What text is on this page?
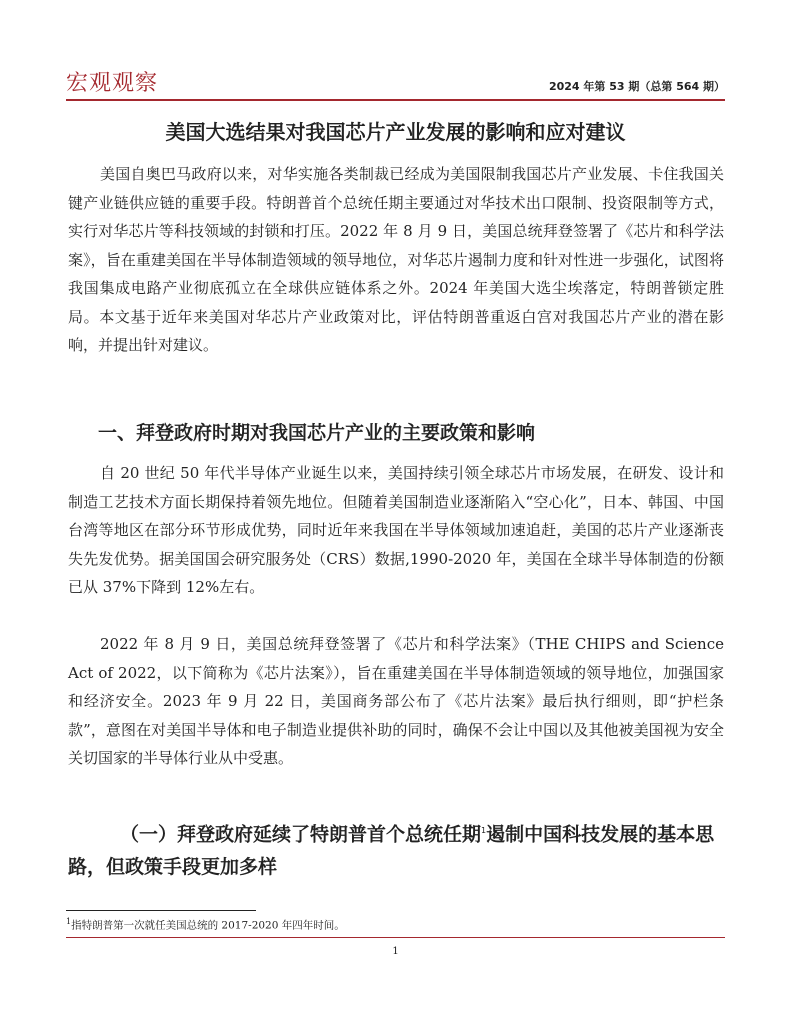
宏观观察	2024 年第 53 期（总第 564 期）
美国大选结果对我国芯片产业发展的影响和应对建议
美国自奥巴马政府以来，对华实施各类制裁已经成为美国限制我国芯片产业发展、卡住我国关键产业链供应链的重要手段。特朗普首个总统任期主要通过对华技术出口限制、投资限制等方式，实行对华芯片等科技领域的封锁和打压。2022 年 8 月 9 日，美国总统拜登签署了《芯片和科学法案》，旨在重建美国在半导体制造领域的领导地位，对华芯片遏制力度和针对性进一步强化，试图将我国集成电路产业彻底孤立在全球供应链体系之外。2024 年美国大选尘埃落定，特朗普锁定胜局。本文基于近年来美国对华芯片产业政策对比，评估特朗普重返白宫对我国芯片产业的潜在影响，并提出针对建议。
一、拜登政府时期对我国芯片产业的主要政策和影响
自 20 世纪 50 年代半导体产业诞生以来，美国持续引领全球芯片市场发展，在研发、设计和制造工艺技术方面长期保持着领先地位。但随着美国制造业逐渐陷入“空心化”，日本、韩国、中国台湾等地区在部分环节形成优势，同时近年来我国在半导体领域加速追赶，美国的芯片产业逐渐丧失先发优势。据美国国会研究服务处（CRS）数据,1990-2020 年，美国在全球半导体制造的份额已从 37%下降到 12%左右。
2022 年 8 月 9 日，美国总统拜登签署了《芯片和科学法案》（THE CHIPS and Science Act of 2022，以下简称为《芯片法案》），旨在重建美国在半导体制造领域的领导地位，加强国家和经济安全。2023 年 9 月 22 日，美国商务部公布了《芯片法案》最后执行细则，即“护栏条款”，意图在对美国半导体和电子制造业提供补助的同时，确保不会让中国以及其他被美国视为安全关切国家的半导体行业从中受惠。
（一）拜登政府延续了特朗普首个总统任期$^1$遏制中国科技发展的基本思路，但政策手段更加多样
$^1$指特朗普第一次就任美国总统的 2017-2020 年四年时间。
1
